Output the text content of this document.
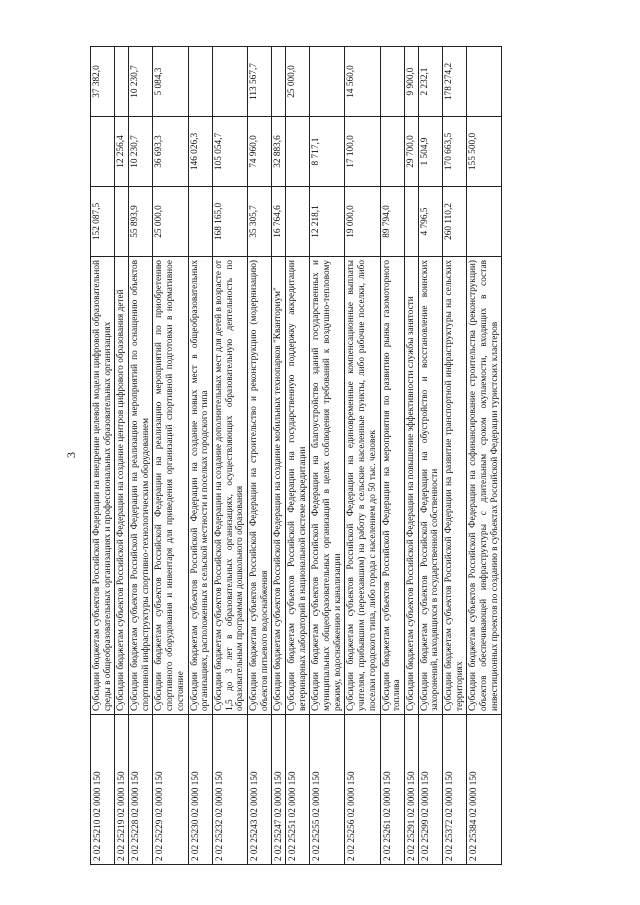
3
2 02 25210 02 0000 150	Субсидии бюджетам субъектов Российской Федерации на внедрение целевой модели цифровой образовательной среды в общеобразовательных организациях и профессиональных образовательных организациях	152 087,5		37 382,0
2 02 25219 02 0000 150	Субсидии бюджетам субъектов Российской Федерации на создание центров цифрового образования детей		12 256,4	
2 02 25228 02 0000 150	Субсидии бюджетам субъектов Российской Федерации на реализацию мероприятий по оснащению объектов спортивной инфраструктуры спортивно-технологическим оборудованием	55 893,9	10 230,7	10 230,7
2 02 25229 02 0000 150	Субсидии бюджетам субъектов Российской Федерации на реализацию мероприятий по приобретению спортивного оборудования и инвентаря для приведения организаций спортивной подготовки в нормативное состояние	25 000,0	36 693,3	5 084,3
2 02 25230 02 0000 150	Субсидии бюджетам субъектов Российской Федерации на создание новых мест в общеобразовательных организациях, расположенных в сельской местности и поселках городского типа		146 026,3	
2 02 25232 02 0000 150	Субсидии бюджетам субъектов Российской Федерации на создание дополнительных мест для детей в возрасте от 1,5 до 3 лет в образовательных организациях, осуществляющих образовательную деятельность по образовательным программам дошкольного образования	168 165,0	105 054,7	
2 02 25243 02 0000 150	Субсидии бюджетам субъектов Российской Федерации на строительство и реконструкцию (модернизацию) объектов питьевого водоснабжения	35 305,7	74 960,0	113 567,7
2 02 25247 02 0000 150	Субсидии бюджетам субъектов Российской Федерации на создание мобильных технопарков "Кванториум"	16 764,6	32 883,6	
2 02 25251 02 0000 150	Субсидии бюджетам субъектов Российской Федерации на государственную поддержку аккредитации ветеринарных лабораторий в национальной системе аккредитации			25 000,0
2 02 25255 02 0000 150	Субсидии бюджетам субъектов Российской Федерации на благоустройство зданий государственных и муниципальных общеобразовательных организаций в целях соблюдения требований к воздушно-тепловому режиму, водоснабжению и канализации	12 218,1	8 717,1	
2 02 25256 02 0000 150	Субсидии бюджетам субъектов Российской Федерации на единовременные компенсационные выплаты учителям, прибывшим (переехавшим) на работу в сельские населенные пункты, либо рабочие поселки, либо поселки городского типа, либо города с населением до 50 тыс. человек	19 000,0	17 100,0	14 560,0
2 02 25261 02 0000 150	Субсидии бюджетам субъектов Российской Федерации на мероприятия по развитию рынка газомоторного топлива	89 794,0		
2 02 25291 02 0000 150	Субсидии бюджетам субъектов Российской Федерации на повышение эффективности службы занятости		29 700,0	9 900,0
2 02 25299 02 0000 150	Субсидии бюджетам субъектов Российской Федерации на обустройство и восстановление воинских захоронений, находящихся в государственной собственности	4 796,5	1 504,9	2 232,1
2 02 25372 02 0000 150	Субсидии бюджетам субъектов Российской Федерации на развитие транспортной инфраструктуры на сельских территориях	260 110,2	170 663,5	178 274,2
2 02 25384 02 0000 150	Субсидии бюджетам субъектов Российской Федерации на софинансирование строительства (реконструкции) объектов обеспечивающей инфраструктуры с длительным сроком окупаемости, входящих в состав инвестиционных проектов по созданию в субъектах Российской Федерации туристских кластеров		155 500,0	
